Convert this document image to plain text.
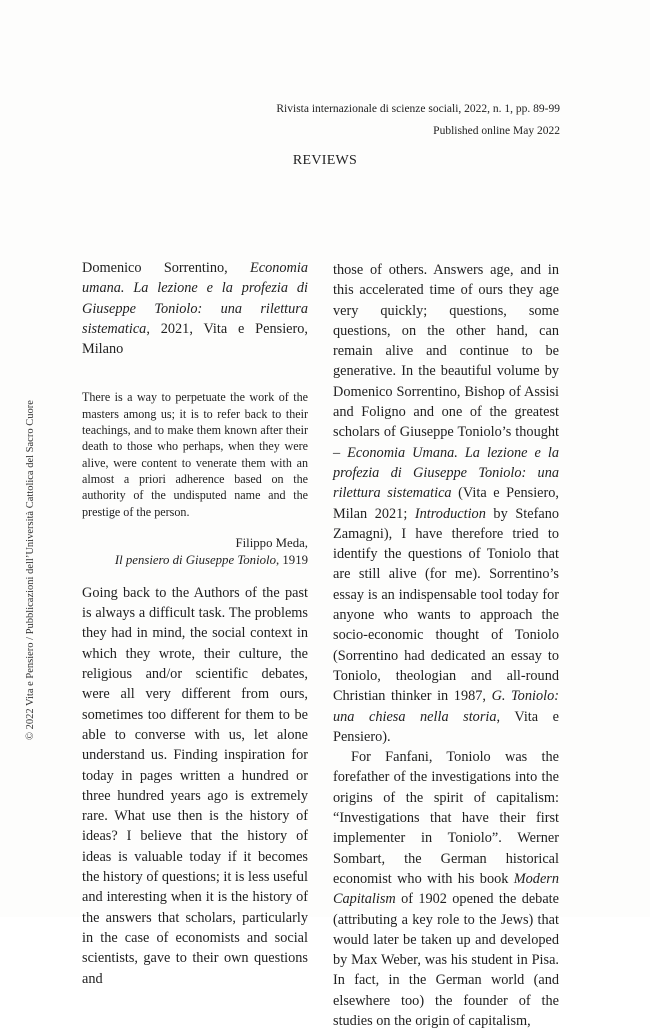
Rivista internazionale di scienze sociali, 2022, n. 1, pp. 89-99
Published online May 2022
REVIEWS
© 2022 Vita e Pensiero / Pubblicazioni dell’Università Cattolica del Sacro Cuore

Domenico Sorrentino, Economia umana. La lezione e la profezia di Giuseppe Toniolo: una rilettura sistematica, 2021, Vita e Pensiero, Milano

There is a way to perpetuate the work of the masters among us; it is to refer back to their teachings, and to make them known after their death to those who perhaps, when they were alive, were content to venerate them with an almost a priori adherence based on the authority of the undisputed name and the prestige of the person.

Filippo Meda,
Il pensiero di Giuseppe Toniolo, 1919

Going back to the Authors of the past is always a difficult task. The problems they had in mind, the social context in which they wrote, their culture, the religious and/or scientific debates, were all very different from ours, sometimes too different for them to be able to converse with us, let alone understand us. Finding inspiration for today in pages written a hundred or three hundred years ago is extremely rare. What use then is the history of ideas? I believe that the history of ideas is valuable today if it becomes the history of questions; it is less useful and interesting when it is the history of the answers that scholars, particularly in the case of economists and social scientists, gave to their own questions and

those of others. Answers age, and in this accelerated time of ours they age very quickly; questions, some questions, on the other hand, can remain alive and continue to be generative. In the beautiful volume by Domenico Sorrentino, Bishop of Assisi and Foligno and one of the greatest scholars of Giuseppe Toniolo’s thought – Economia Umana. La lezione e la profezia di Giuseppe Toniolo: una rilettura sistematica (Vita e Pensiero, Milan 2021; Introduction by Stefano Zamagni), I have therefore tried to identify the questions of Toniolo that are still alive (for me). Sorrentino’s essay is an indispensable tool today for anyone who wants to approach the socio-economic thought of Toniolo (Sorrentino had dedicated an essay to Toniolo, theologian and all-round Christian thinker in 1987, G. Toniolo: una chiesa nella storia, Vita e Pensiero).

For Fanfani, Toniolo was the forefather of the investigations into the origins of the spirit of capitalism: “Investigations that have their first implementer in Toniolo”. Werner Sombart, the German historical economist who with his book Modern Capitalism of 1902 opened the debate (attributing a key role to the Jews) that would later be taken up and developed by Max Weber, was his student in Pisa. In fact, in the German world (and elsewhere too) the founder of the studies on the origin of capitalism,
